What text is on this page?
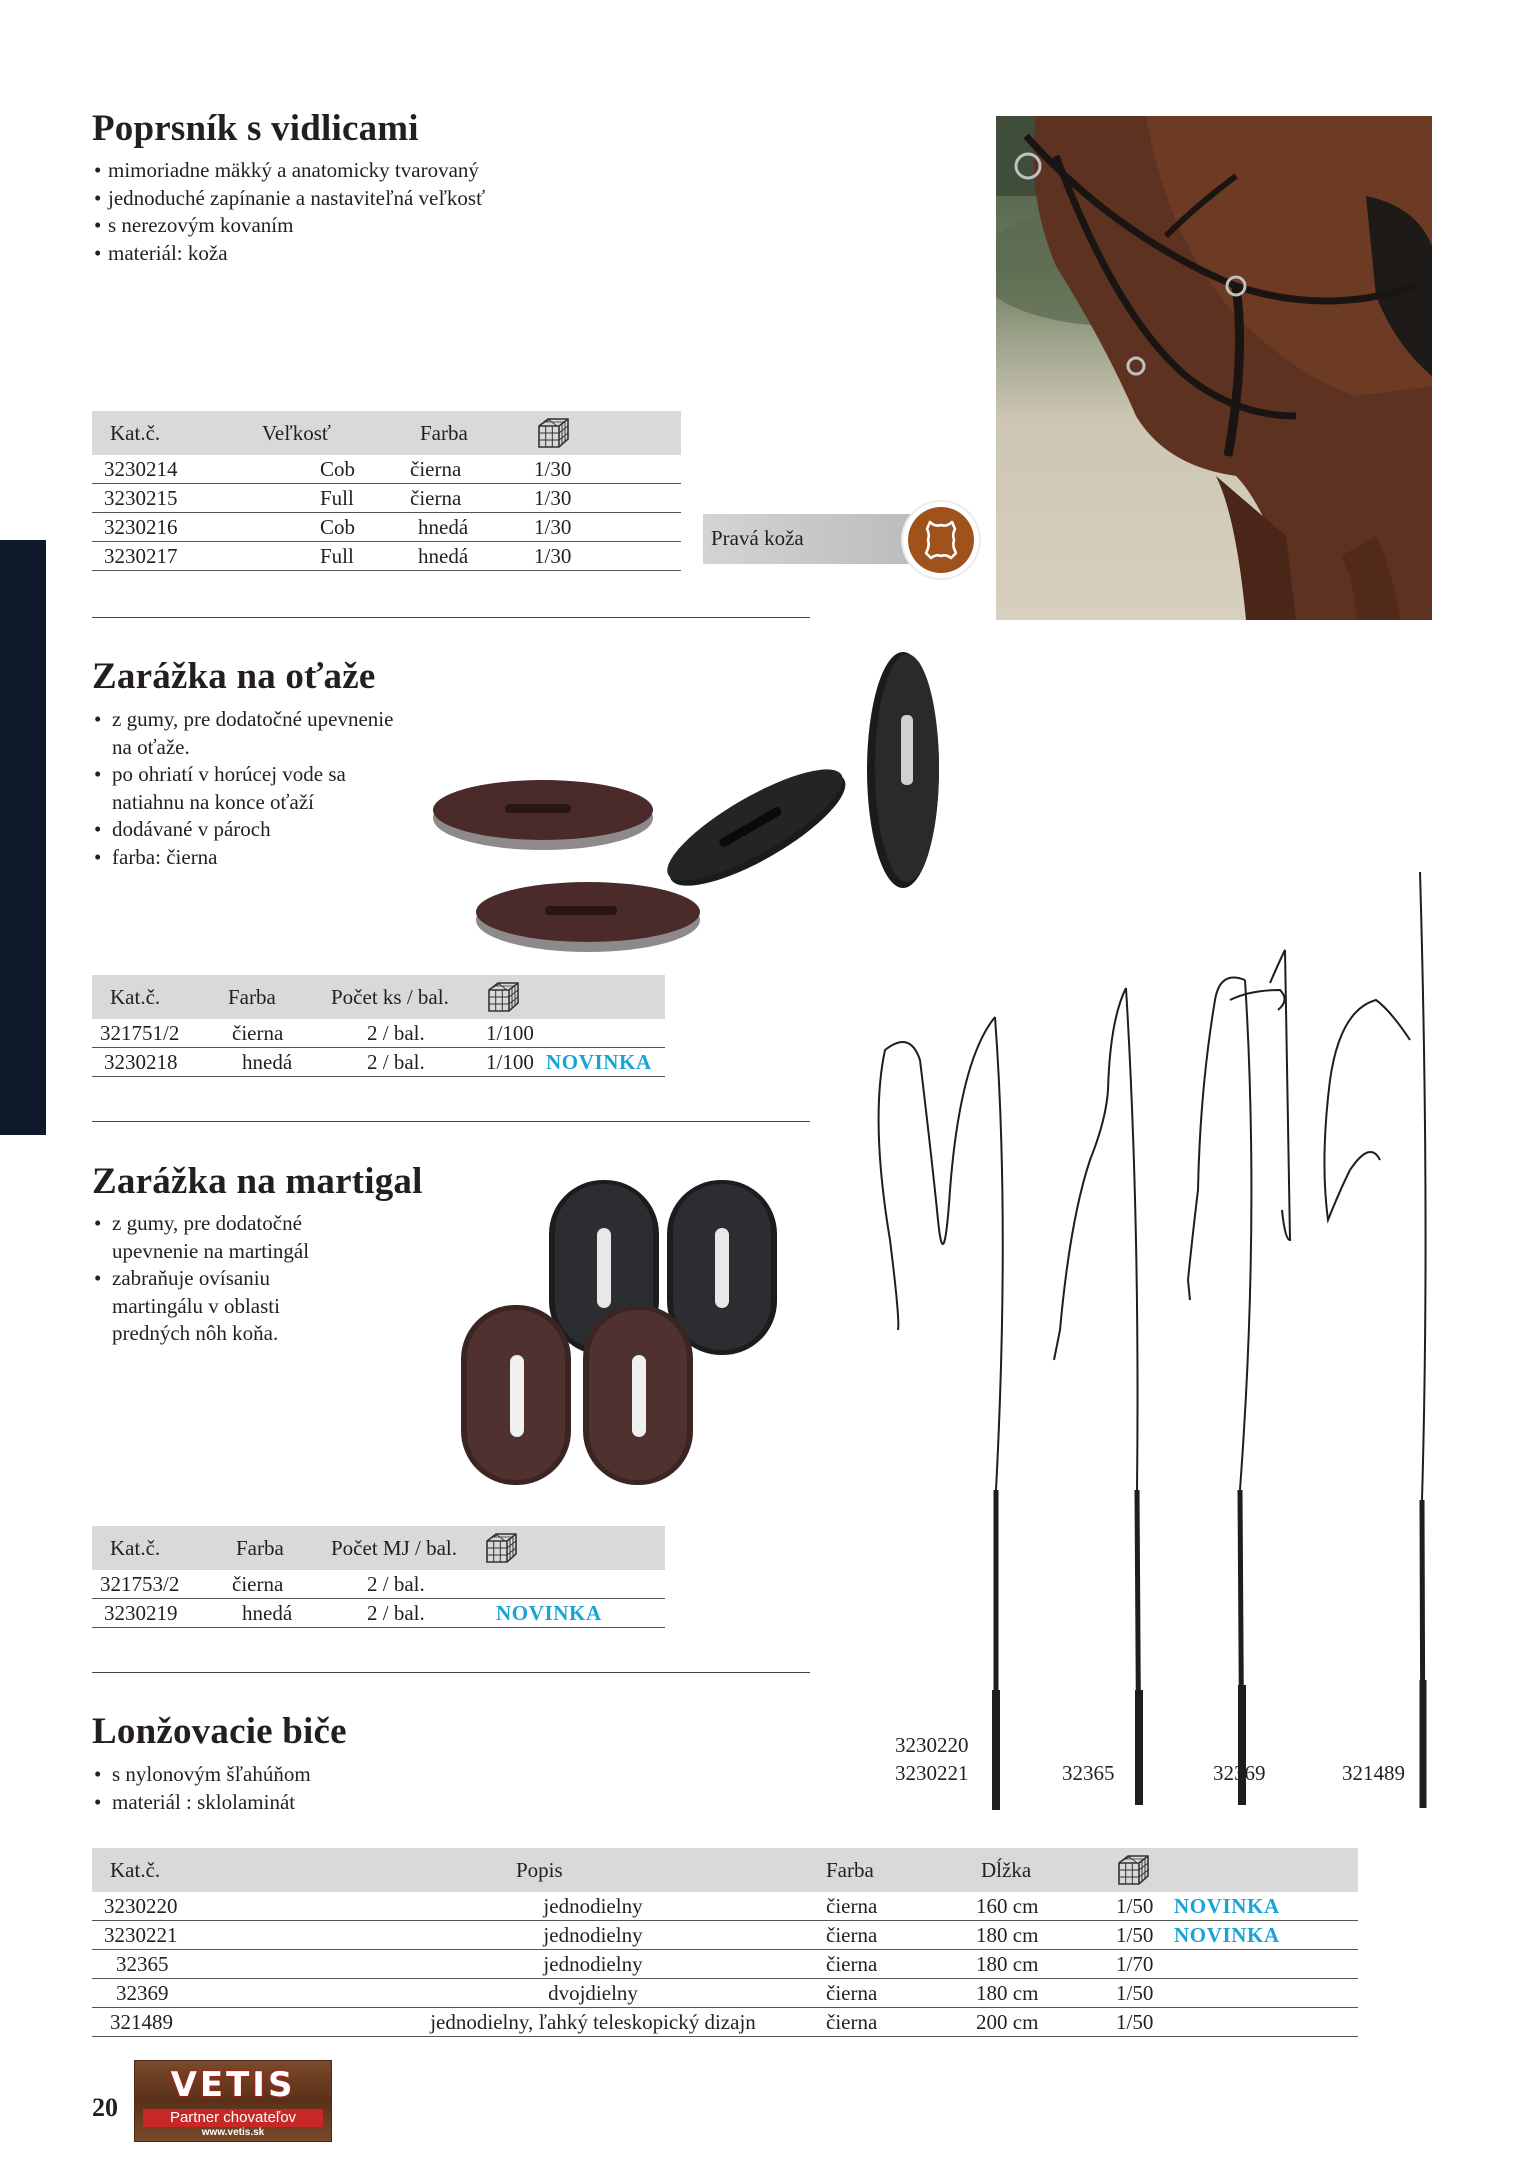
Poprsník s vidlicami
• mimoriadne mäkký a anatomicky tvarovaný
• jednoduché zapínanie a nastaviteľná veľkosť
• s nerezovým kovaním
• materiál: koža
Kat.č.	Veľkosť	Farba	
3230214	Cob	čierna	1/30
3230215	Full	čierna	1/30
3230216	Cob	hnedá	1/30
3230217	Full	hnedá	1/30
Pravá koža
Zarážka na oťaže
• z gumy, pre dodatočné upevnenie na oťaže.
• po ohriatí v horúcej vode sa natiahnu na konce oťaží
• dodávané v pároch
• farba: čierna
Kat.č.	Farba	Počet ks / bal.		
321751/2	čierna	2 / bal.	1/100	
3230218	hnedá	2 / bal.	1/100	NOVINKA
Zarážka na martigal
• z gumy, pre dodatočné upevnenie na martingál
• zabraňuje ovísaniu martingálu v oblasti predných nôh koňa.
Kat.č.	Farba	Počet MJ / bal.	
321753/2	čierna	2 / bal.	
3230219	hnedá	2 / bal.	NOVINKA
Lonžovacie biče
• s nylonovým šľahúňom
• materiál : sklolaminát
3230220
3230221	32365	32369	321489
Kat.č.	Popis	Farba	Dĺžka		
3230220	jednodielny	čierna	160 cm	1/50	NOVINKA
3230221	jednodielny	čierna	180 cm	1/50	NOVINKA
32365	jednodielny	čierna	180 cm	1/70	
32369	dvojdielny	čierna	180 cm	1/50	
321489	jednodielny, ľahký teleskopický dizajn	čierna	200 cm	1/50	
20
VETIS
Partner chovateľov
www.vetis.sk
